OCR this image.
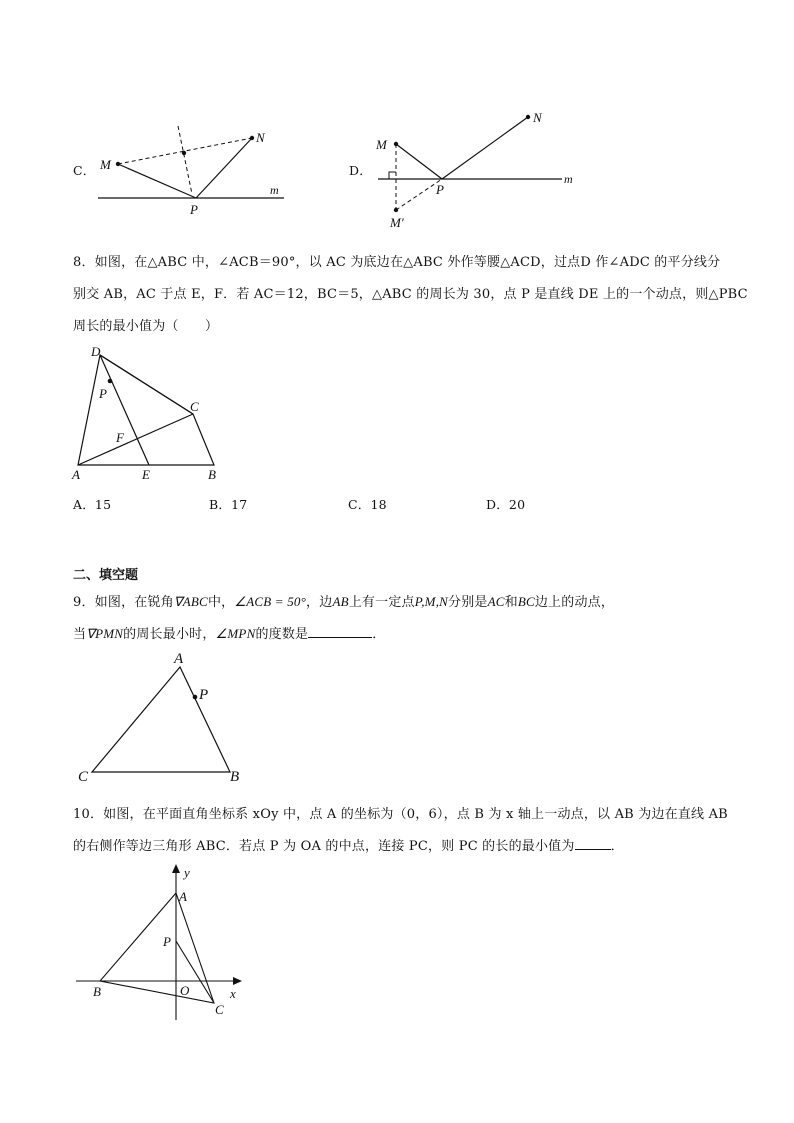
C． M
N
P
m
D．
M
N
P
m
M′
8．如图，在△ABC 中，∠ACB＝90°，以 AC 为底边在△ABC 外作等腰△ACD，过点D 作∠ADC 的平分线分
别交 AB，AC 于点 E，F．若 AC＝12，BC＝5，△ABC 的周长为 30，点 P 是直线 DE 上的一个动点，则△PBC
周长的最小值为（　　）
D
P
C
F
A	E	B
A．15	B．17	C．18	D．20
二、填空题
9．如图，在锐角∇ABC中，∠ACB = 50°，边AB上有一定点P,M,N分别是AC和BC边上的动点，
当∇PMN的周长最小时，∠MPN的度数是	．
A
P
C	B
10．如图，在平面直角坐标系 xOy 中，点 A 的坐标为（0，6），点 B 为 x 轴上一动点，以 AB 为边在直线 AB
的右侧作等边三角形 ABC．若点 P 为 OA 的中点，连接 PC，则 PC 的长的最小值为	．
y
A
P
B	O	x
C
